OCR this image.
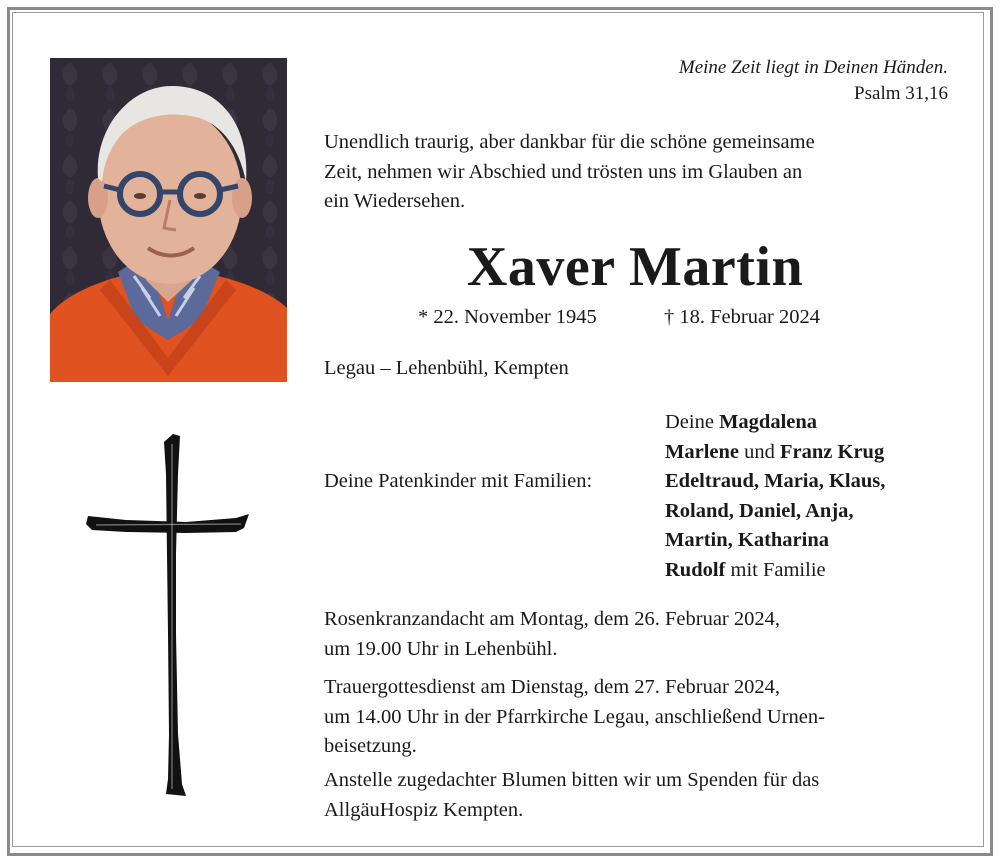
Meine Zeit liegt in Deinen Händen.
Psalm 31,16
Unendlich traurig, aber dankbar für die schöne gemeinsame
Zeit, nehmen wir Abschied und trösten uns im Glauben an
ein Wiedersehen.
Xaver Martin
* 22. November 1945	† 18. Februar 2024
Legau – Lehenbühl, Kempten
Deine Magdalena
Marlene und Franz Krug
Edeltraud, Maria, Klaus,
Roland, Daniel, Anja,
Martin, Katharina
Rudolf mit Familie
Deine Patenkinder mit Familien:
Rosenkranzandacht am Montag, dem 26. Februar 2024,
um 19.00 Uhr in Lehenbühl.
Trauergottesdienst am Dienstag, dem 27. Februar 2024,
um 14.00 Uhr in der Pfarrkirche Legau, anschließend Urnen-
beisetzung.
Anstelle zugedachter Blumen bitten wir um Spenden für das
AllgäuHospiz Kempten.
